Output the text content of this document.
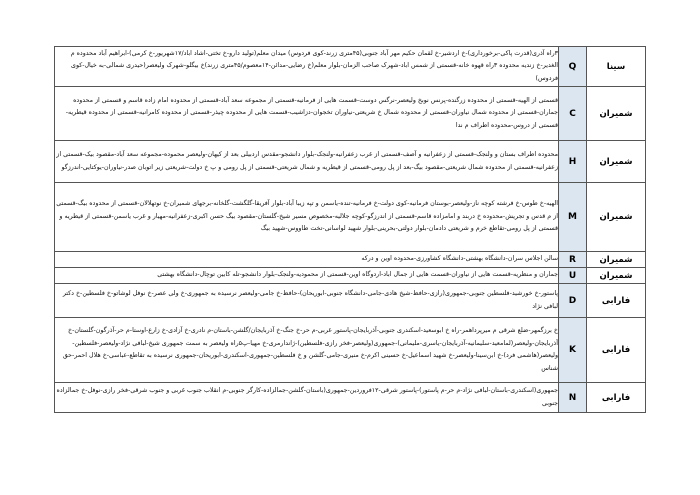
سینا	Q	۳راه آذری(قدرت پاکی-برخورداری)-خ اردشیر-خ لقمان حکیم مهر آباد جنوبی(۴۵متری زرند-کوی فردوس) میدان معلم(تولید دارو-خ تختی-اشاد اباد/۱۷شهریور-خ کرمی)-ابراهیم آباد محدوده م الغدیر-خ زندیه محدوده ۳راه قهوه خانه-قسمتی از شمس اباد-شهرک صاحب الزمان-بلوار معلم(خ رضایی-مدائن-۱۴معصوم/۴۵متری زرند)خ بیگلو-شهرک ولیعصر(حیدری شمالی-به خیال-کوی فردوس)
شمیران	C	قسمتی از الهیه-قسمتی از محدوده زرگنده-پرنس نوبخ ولیعصر-نرگس دوست-قسمت هایی از فرمانیه-قسمتی از مجموعه سعد آباد-قسمتی از محدوده امام زاده قاسم و قسمتی از محدوده جماران-قسمتی از محدوده شمال نیاوران-قسمتی از محدوده شمال خ شریعتی-نیاوران تخجوان-دزاشیب-قسمت هایی از محدوده چیذر-قسمتی از محدوده کامرانیه-قسمتی از محدوده قیطریه-قسمتی از دروس-محدوده اطراف م ندا
شمیران	H	محدوده اطراف بستان و ولنجک-قسمتی از زعفرانیه و آصف-قسمتی از غرب زعفرانیه-ولنجک-بلوار دانشجو-مقدس اردبیلی بعد از کیهان-ولیعصر محموده-مجموعه سعد آباد-مقصود بیک-قسمتی از زعفرانیه-قسمتی از محدوده شمال شریعتی-مقصود بیگ-بعد از پل رومی-قسمتی از قیطریه و شمال شریعتی-قسمتی از پل رومی و پ خ دولت-شریعتی زیر اتوبان صدر-نیاوران-یوکتایی-اندرزگو
شمیران	M	الهیه-خ طوس-خ فرشته کوچه ناز-ولیعصر-بوستان فرمانیه-کوی دولت-خ فرمانیه-تنده-یاسمن و تپه زیبا آباد-بلوار آفریقا-گلگشت-گلخانه-برجهای شمیران-خ نوتهلالان-قسمتی از محدوده بیگ-قسمتی از م قدس و تجریش-محدوده خ دربند و امامزاده قاسم-قسمتی از اندرزگو-کوچه جلالیه-مخصوص مسیر شیخ-گلستان-مقصود بیگ حسن اکبری-زعفرانیه-مهیار و غرب یاسمن-قسمتی از قیطریه و قسمتی از پل رومی-تقاطع خرم و شریعتی دادمان-بلوار دولتی-بحرینی-بلوار شهید لواسانی-تخت طاووس-شهید بیگ
شمیران	R	سالن اجلاس سران-دانشگاه بهشتی-دانشگاه کشاورزی-محدوده اوین و درکه
شمیران	U	جماران و منظریه-قسمت هایی از نیاوران-قسمت هایی از جمال اباد-اردوگاه اوین-قسمتی از محمودیه-ولنجک-بلوار دانشجو-تله کابین توچال-دانشگاه بهشتی
فارابی	D	پاستور-خ خورشید-فلسطین جنوبی-جمهوری(رازی-حافظ-شیخ هادی-جامی-دانشگاه جنوبی-ابوریحان)-حافظ-خ جامی-ولیعصر نرسیده به جمهوری-خ ولی عصر-خ نوفل لوشاتو-خ فلسطین-خ دکتر لبافی نژاد
فارابی	K	خ برزگمهر-ضلع شرقی م میرپرداهمر-راه خ ابوسعید-اسکندری جنوبی-آذربایجان-پاستور غربی-م حر-خ جنگ-خ آذربایجان/گلشن-باستان-م نادری-خ آزادی-خ زارع-اوستا-م حر-آذرگون-گلستان-خ آذربایجان-ولیعصر(لمامعید-سلیمانیه-آذربایجان-یاسری-ملیمانی)-جمهوری(ولیعصر-فخر رازی-فلسطین)-ژاندارمری-خ مهیا-پ۵راه ولیعصر به سمت جمهوری شیخ-لبافی نژاد-ولیعصر-فلسطین-ولیعصر(هاشمی فرد)-خ ابن‌سینا-ولیعصر-خ شهید اسماعیل-خ حسینی اکرم-خ منیری-جامی-گلشن و خ فلسطین-جمهوری-اسکندری-ابوریحان-جمهوری نرسیده به تقاطع-عباسی-خ هلال احمر-حق شناس
فارابی	N	جمهوری(اسکندری-باستان-لبافی نژاد-م حر-م پاستور)-پاستور شرقی-۱۲فروردین-جمهوری(باستان-گلشن-جمالزاده-کارگر جنوبی-م انقلاب جنوب غربی و جنوب شرقی-فخر رازی-نوفل-خ جمالزاده جنوبی
